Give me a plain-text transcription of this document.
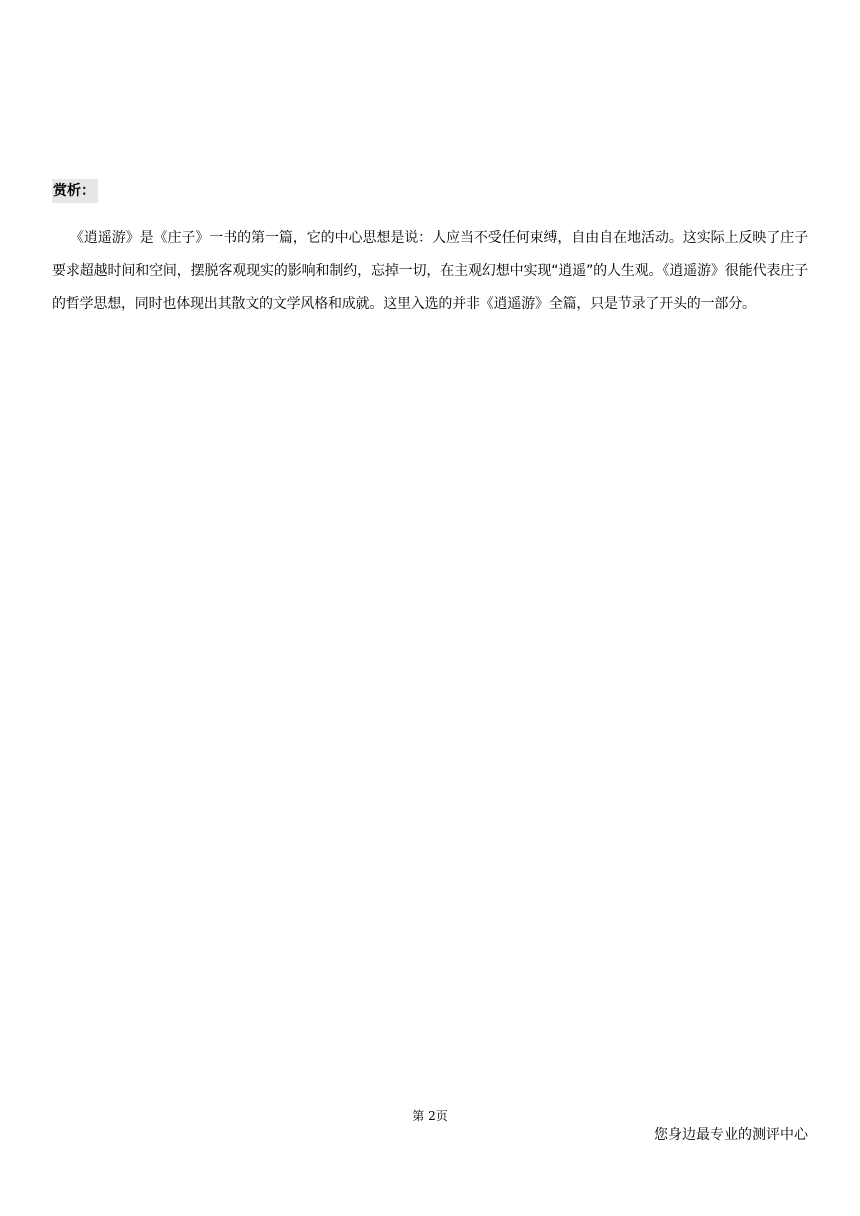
赏析：

《逍遥游》是《庄子》一书的第一篇，它的中心思想是说：人应当不受任何束缚，自由自在地活动。这实际上反映了庄子要求超越时间和空间，摆脱客观现实的影响和制约，忘掉一切，在主观幻想中实现“逍遥”的人生观。《逍遥游》很能代表庄子的哲学思想，同时也体现出其散文的文学风格和成就。这里入选的并非《逍遥游》全篇，只是节录了开头的一部分。

第 2页
您身边最专业的测评中心
